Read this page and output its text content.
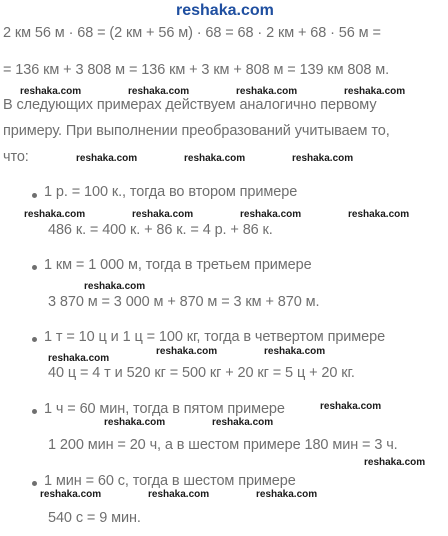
reshaka.com
2 км 56 м · 68 = (2 км + 56 м) · 68 = 68 · 2 км + 68 · 56 м =
= 136 км + 3 808 м = 136 км + 3 км + 808 м = 139 км 808 м.
В следующих примерах действуем аналогично первому
примеру. При выполнении преобразований учитываем то,
что:
1 р. = 100 к., тогда во втором примере
486 к. = 400 к. + 86 к. = 4 р. + 86 к.
1 км = 1 000 м, тогда в третьем примере
3 870 м = 3 000 м + 870 м = 3 км + 870 м.
1 т = 10 ц и 1 ц = 100 кг, тогда в четвертом примере
40 ц = 4 т и 520 кг = 500 кг + 20 кг = 5 ц + 20 кг.
1 ч = 60 мин, тогда в пятом примере
1 200 мин = 20 ч, а в шестом примере 180 мин = 3 ч.
1 мин = 60 с, тогда в шестом примере
540 с = 9 мин.
reshaka.com	reshaka.com	reshaka.com	reshaka.com
reshaka.com	reshaka.com	reshaka.com
reshaka.com	reshaka.com	reshaka.com	reshaka.com
reshaka.com
reshaka.com
reshaka.com	reshaka.com
reshaka.com
reshaka.com	reshaka.com
reshaka.com
reshaka.com	reshaka.com	reshaka.com
